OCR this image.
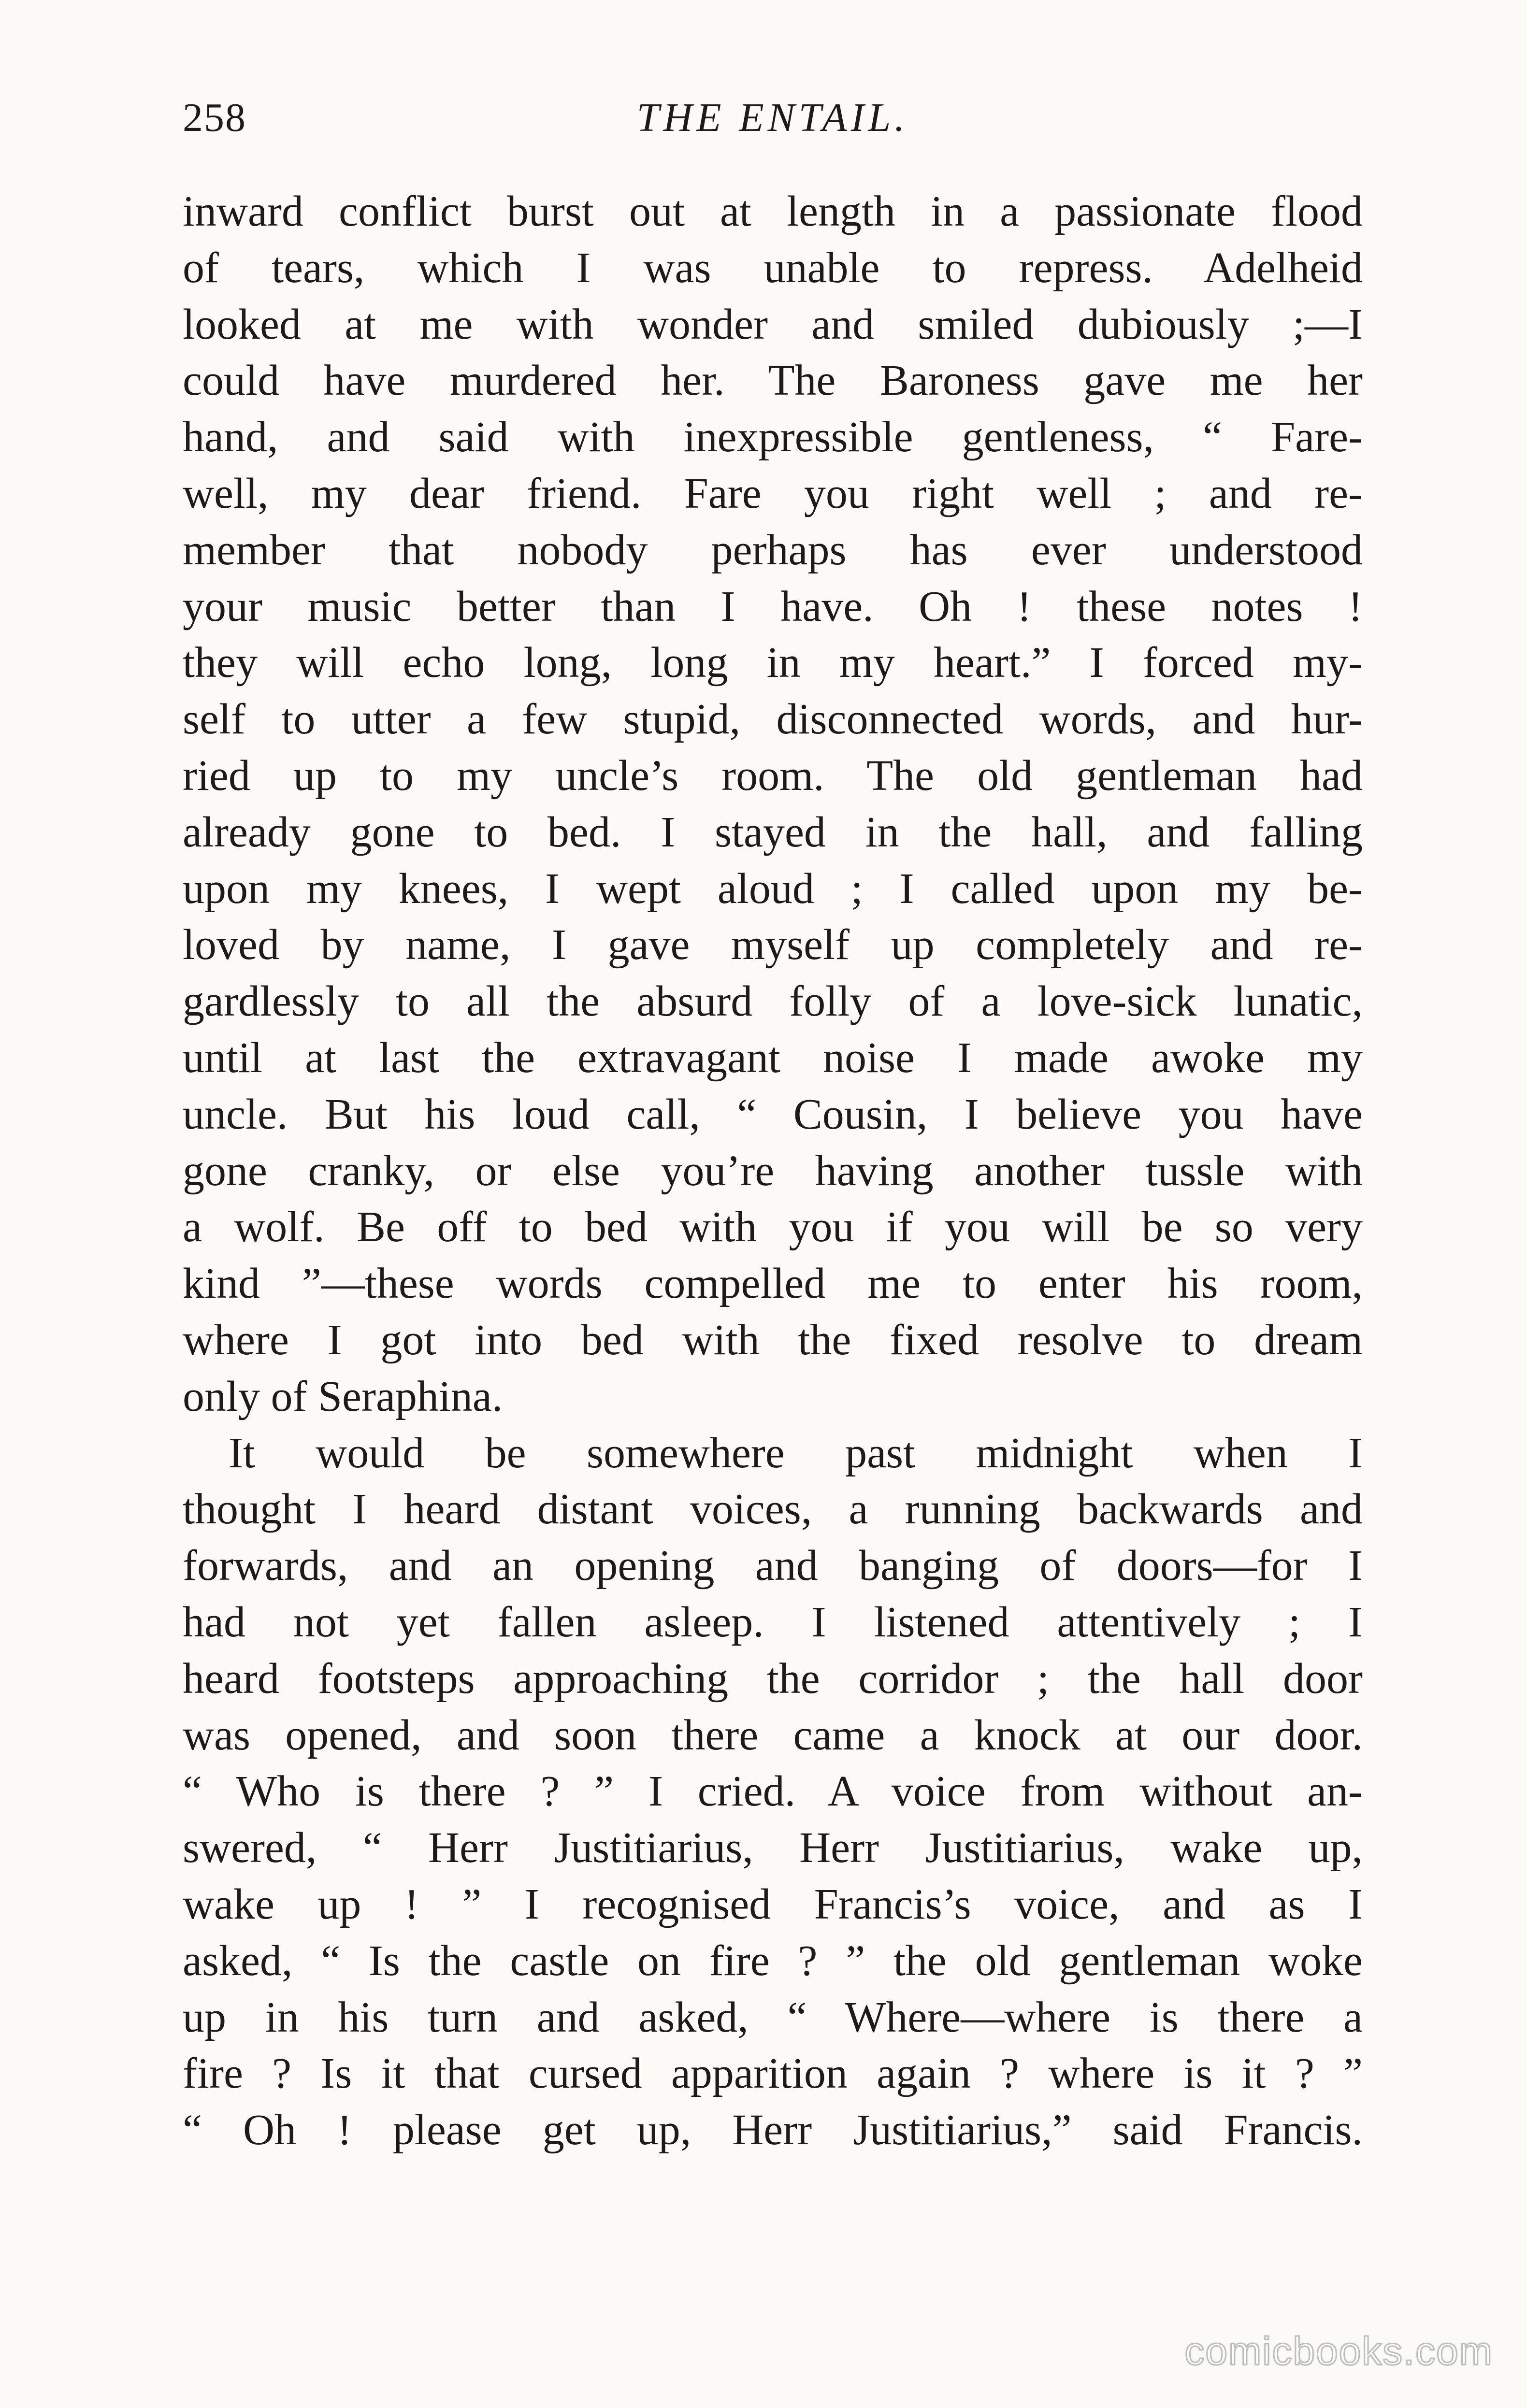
258	THE ENTAIL.
inward conflict burst out at length in a passionate flood
of tears, which I was unable to repress. Adelheid
looked at me with wonder and smiled dubiously ;—I
could have murdered her. The Baroness gave me her
hand, and said with inexpressible gentleness, “ Fare-
well, my dear friend. Fare you right well ; and re-
member that nobody perhaps has ever understood
your music better than I have. Oh ! these notes !
they will echo long, long in my heart.” I forced my-
self to utter a few stupid, disconnected words, and hur-
ried up to my uncle’s room. The old gentleman had
already gone to bed. I stayed in the hall, and falling
upon my knees, I wept aloud ; I called upon my be-
loved by name, I gave myself up completely and re-
gardlessly to all the absurd folly of a love-sick lunatic,
until at last the extravagant noise I made awoke my
uncle. But his loud call, “ Cousin, I believe you have
gone cranky, or else you’re having another tussle with
a wolf. Be off to bed with you if you will be so very
kind ”—these words compelled me to enter his room,
where I got into bed with the fixed resolve to dream
only of Seraphina.
It would be somewhere past midnight when I
thought I heard distant voices, a running backwards and
forwards, and an opening and banging of doors—for I
had not yet fallen asleep. I listened attentively ; I
heard footsteps approaching the corridor ; the hall door
was opened, and soon there came a knock at our door.
“ Who is there ? ” I cried. A voice from without an-
swered, “ Herr Justitiarius, Herr Justitiarius, wake up,
wake up ! ” I recognised Francis’s voice, and as I
asked, “ Is the castle on fire ? ” the old gentleman woke
up in his turn and asked, “ Where—where is there a
fire ? Is it that cursed apparition again ? where is it ? ”
“ Oh ! please get up, Herr Justitiarius,” said Francis.
comicbooks.com
